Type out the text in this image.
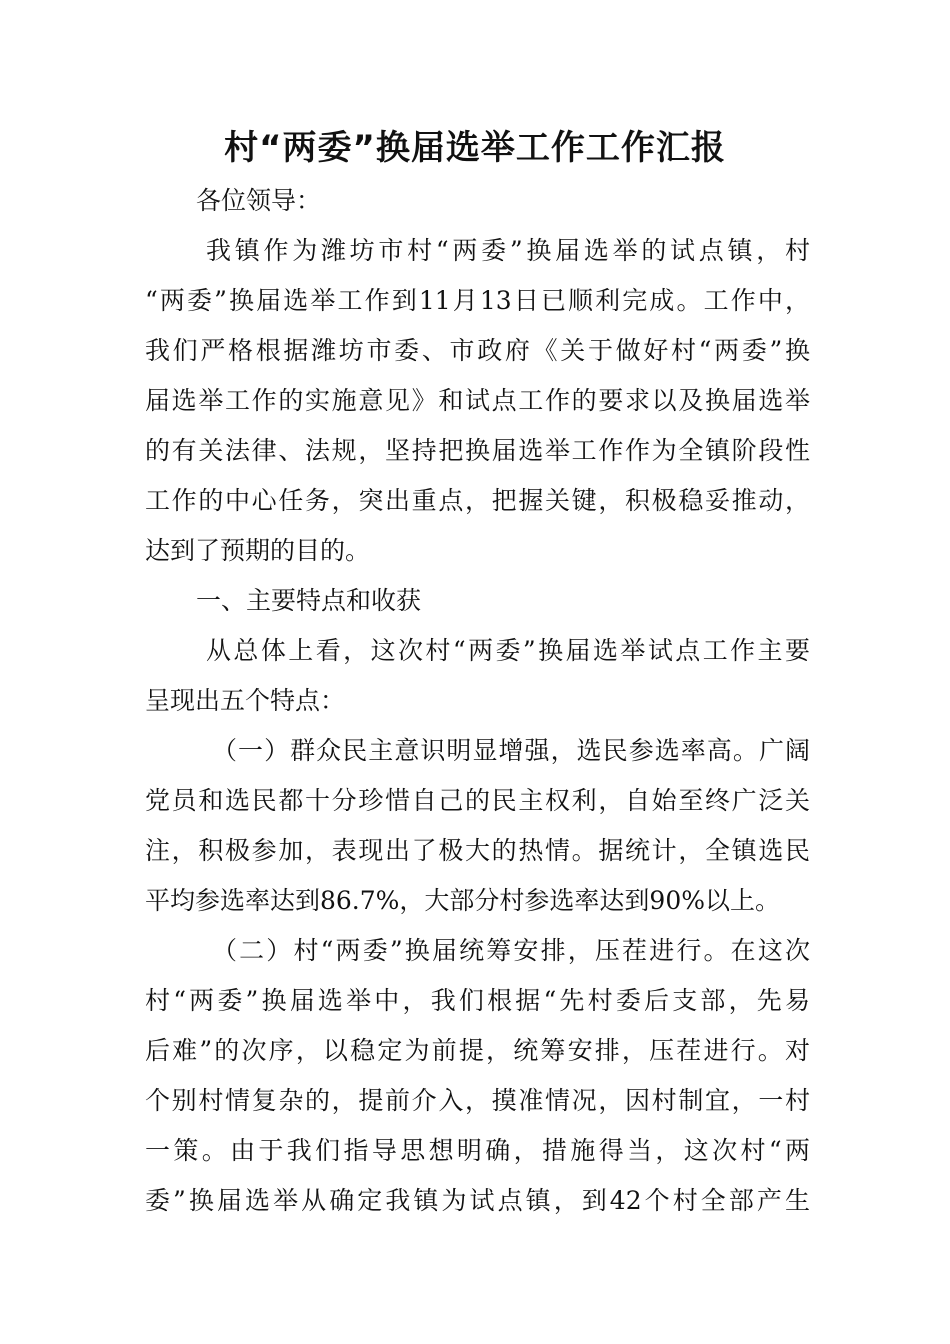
村“两委”换届选举工作工作汇报

各位领导：

我镇作为潍坊市村“两委”换届选举的试点镇，村

“两委”换届选举工作到11月13日已顺利完成。工作中，

我们严格根据潍坊市委、市政府《关于做好村“两委”换

届选举工作的实施意见》和试点工作的要求以及换届选举

的有关法律、法规，坚持把换届选举工作作为全镇阶段性

工作的中心任务，突出重点，把握关键，积极稳妥推动，

达到了预期的目的。

一、主要特点和收获

从总体上看，这次村“两委”换届选举试点工作主要

呈现出五个特点：

（一）群众民主意识明显增强，选民参选率高。广阔

党员和选民都十分珍惜自己的民主权利，自始至终广泛关

注，积极参加，表现出了极大的热情。据统计，全镇选民

平均参选率达到86.7%，大部分村参选率达到90%以上。

（二）村“两委”换届统筹安排，压茬进行。在这次

村“两委”换届选举中，我们根据“先村委后支部，先易

后难”的次序，以稳定为前提，统筹安排，压茬进行。对

个别村情复杂的，提前介入，摸准情况，因村制宜，一村

一策。由于我们指导思想明确，措施得当，这次村“两

委”换届选举从确定我镇为试点镇，到42个村全部产生
